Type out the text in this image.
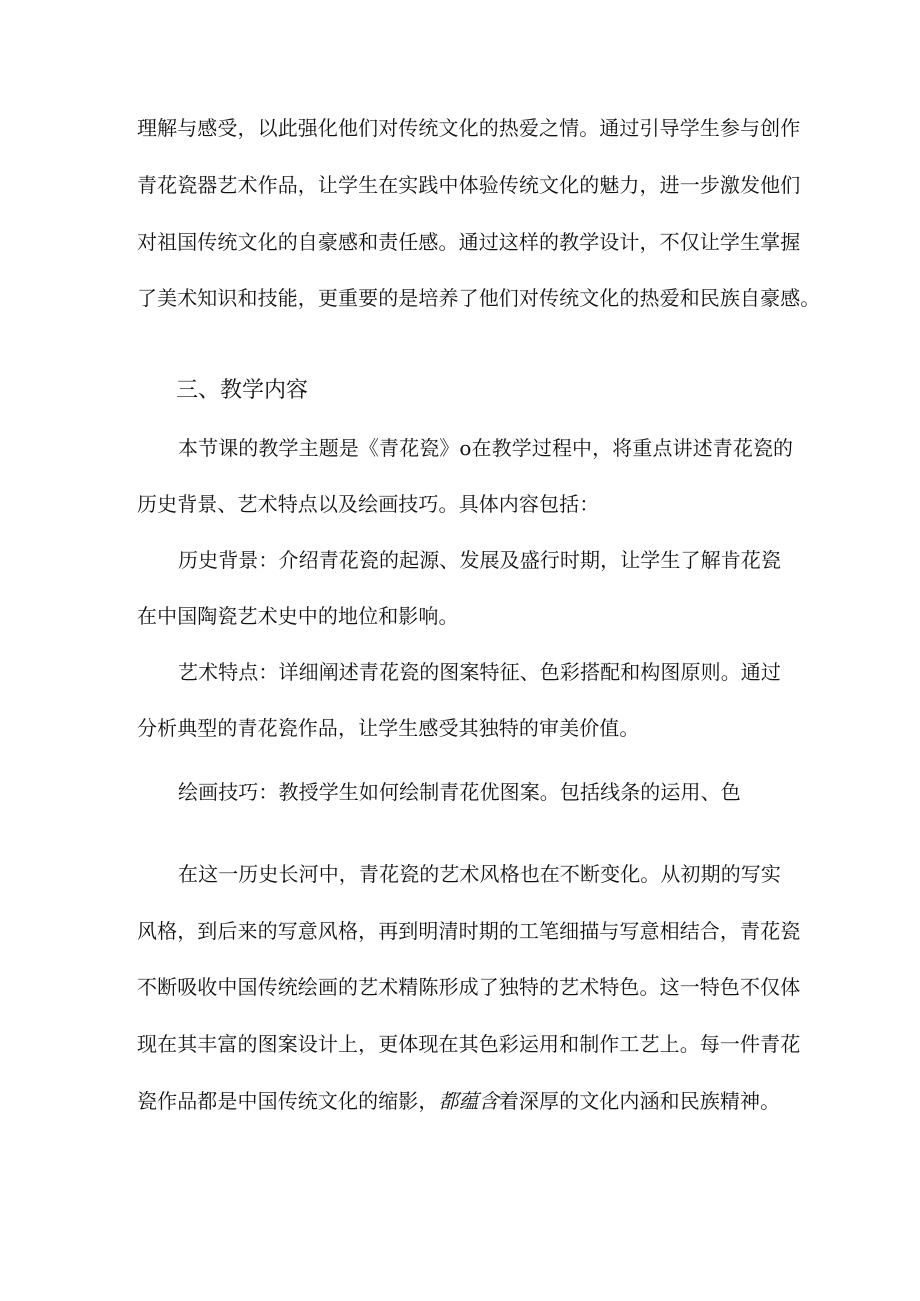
理解与感受，以此强化他们对传统文化的热爱之情。通过引导学生参与创作
青花瓷器艺术作品，让学生在实践中体验传统文化的魅力，进一步激发他们
对祖国传统文化的自豪感和责任感。通过这样的教学设计，不仅让学生掌握
了美术知识和技能，更重要的是培养了他们对传统文化的热爱和民族自豪感。
三、教学内容
本节课的教学主题是《青花瓷》o在教学过程中，将重点讲述青花瓷的
历史背景、艺术特点以及绘画技巧。具体内容包括：
历史背景：介绍青花瓷的起源、发展及盛行时期，让学生了解肯花瓷
在中国陶瓷艺术史中的地位和影响。
艺术特点：详细阐述青花瓷的图案特征、色彩搭配和构图原则。通过
分析典型的青花瓷作品，让学生感受其独特的审美价值。
绘画技巧：教授学生如何绘制青花优图案。包括线条的运用、色
在这一历史长河中，青花瓷的艺术风格也在不断变化。从初期的写实
风格，到后来的写意风格，再到明清时期的工笔细描与写意相结合，青花瓷
不断吸收中国传统绘画的艺术精陈形成了独特的艺术特色。这一特色不仅体
现在其丰富的图案设计上，更体现在其色彩运用和制作工艺上。每一件青花
瓷作品都是中国传统文化的缩影，都蕴含着深厚的文化内涵和民族精神。
